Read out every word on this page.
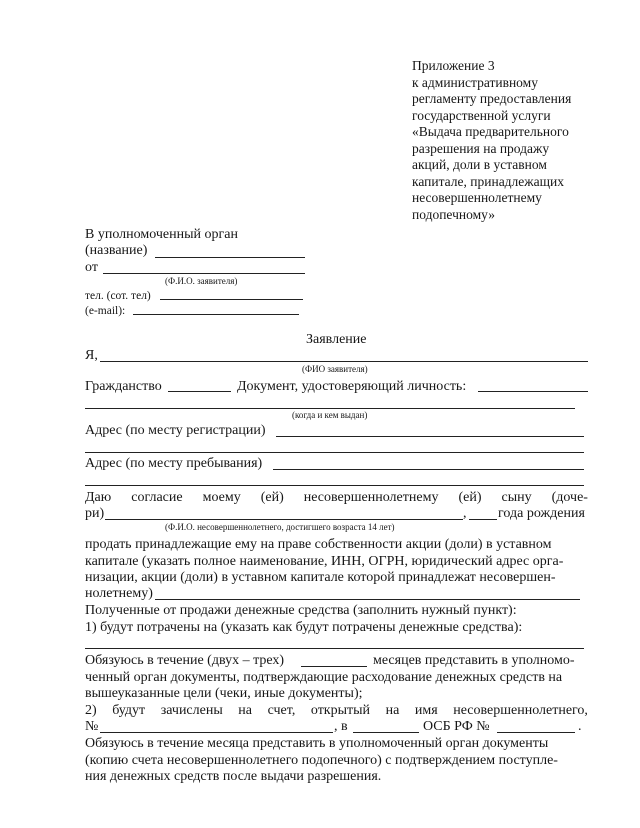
Приложение 3
к административному
регламенту предоставления
государственной услуги
«Выдача предварительного
разрешения на продажу
акций, доли в уставном
капитале, принадлежащих
несовершеннолетнему
подопечному»
В уполномоченный орган
(название)
от
(Ф.И.О. заявителя)
тел. (сот. тел)
(e-mail):
Заявление
Я,
(ФИО заявителя)
Гражданство	Документ, удостоверяющий личность:
(когда и кем выдан)
Адрес (по месту регистрации)
Адрес (по месту пребывания)
Даю согласие моему (ей) несовершеннолетнему (ей) сыну (доче-
ри)	, года рождения
(Ф.И.О. несовершеннолетнего, достигшего возраста 14 лет)
продать принадлежащие ему на праве собственности акции (доли) в уставном
капитале (указать полное наименование, ИНН, ОГРН, юридический адрес орга-
низации, акции (доли) в уставном капитале которой принадлежат несовершен-
нолетнему)
Полученные от продажи денежные средства (заполнить нужный пункт):
1) будут потрачены на (указать как будут потрачены денежные средства):
Обязуюсь в течение (двух – трех)	месяцев представить в уполномо-
ченный орган документы, подтверждающие расходование денежных средств на
вышеуказанные цели (чеки, иные документы);
2) будут зачислены на счет, открытый на имя несовершеннолетнего,
№	, в	ОСБ РФ №	.
Обязуюсь в течение месяца представить в уполномоченный орган документы
(копию счета несовершеннолетнего подопечного) с подтверждением поступле-
ния денежных средств после выдачи разрешения.
